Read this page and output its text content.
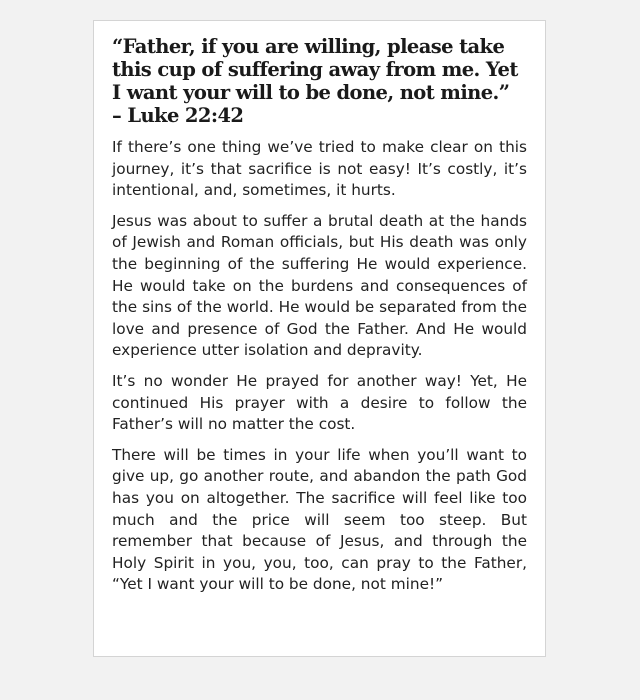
“Father, if you are willing, please take this cup of suffering away from me. Yet I want your will to be done, not mine.”

– Luke 22:42

If there’s one thing we’ve tried to make clear on this journey, it’s that sacrifice is not easy! It’s costly, it’s intentional, and, sometimes, it hurts.

Jesus was about to suffer a brutal death at the hands of Jewish and Roman officials, but His death was only the beginning of the suffering He would experience. He would take on the burdens and consequences of the sins of the world. He would be separated from the love and presence of God the Father. And He would experience utter isolation and depravity.

It’s no wonder He prayed for another way! Yet, He continued His prayer with a desire to follow the Father’s will no matter the cost.

There will be times in your life when you’ll want to give up, go another route, and abandon the path God has you on altogether. The sacrifice will feel like too much and the price will seem too steep. But remember that because of Jesus, and through the Holy Spirit in you, you, too, can pray to the Father, “Yet I want your will to be done, not mine!”
